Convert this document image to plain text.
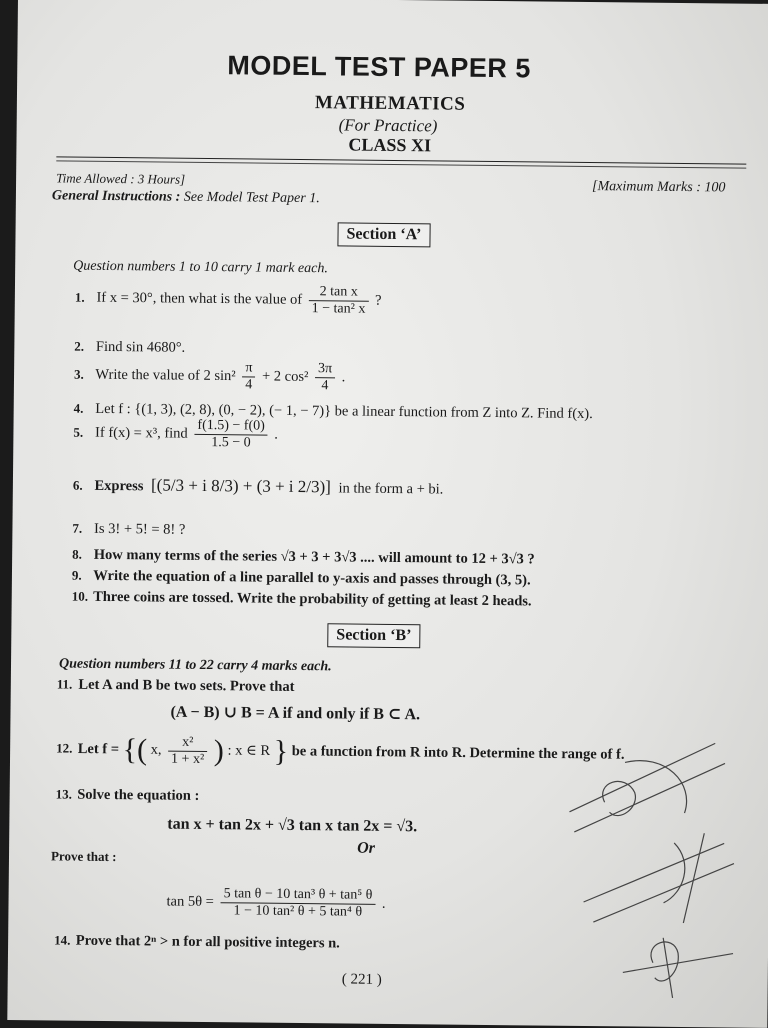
MODEL TEST PAPER 5
MATHEMATICS
(For Practice)
CLASS XI
Time Allowed : 3 Hours]
[Maximum Marks : 100
General Instructions : See Model Test Paper 1.
Section ‘A’
Question numbers 1 to 10 carry 1 mark each.
1. If x = 30°, then what is the value of $\frac{\text{2 tan x}}{\text{1 − tan² x}}$ ?
2. Find sin 4680°.
3. Write the value of 2 $\sin^2 \frac{\pi}{4} + 2$ $\cos^2 \frac{3\pi}{4}$ .
4. Let f : {(1, 3), (2, 8), (0, − 2), (− 1, − 7)} be a linear function from Z into Z. Find f(x).
5. If f(x) = x³, find $\frac{f(1.5) - f(0)}{1.5 - 0}$ .
6. Express [(5/3 + i 8/3) + (3 + i 2/3)] in the form a + bi.
7. Is 3! + 5! = 8! ?
8. How many terms of the series √3 + 3 + 3√3 .... will amount to 12 + 3√3 ?
9. Write the equation of a line parallel to y-axis and passes through (3, 5).
10. Three coins are tossed. Write the probability of getting at least 2 heads.
Section ‘B’
Question numbers 11 to 22 carry 4 marks each.
11. Let A and B be two sets. Prove that
(A − B) ∪ B = A if and only if B ⊂ A.
12. Let f = {( x, $\frac{\text{x²}}{\text{1 + x²}}$ ) : x ∈ R } be a function from R into R. Determine the range of f.
13. Solve the equation :
tan x + tan 2x + √3 tan x tan 2x = √3.
Or
Prove that :
$\tan 5\theta = \frac{\text{5 tan θ − 10 tan³ θ + tan⁵ θ}}{\text{1 − 10 tan² θ + 5 tan⁴ θ}}$ .
14. Prove that 2ⁿ > n for all positive integers n.
( 221 )
